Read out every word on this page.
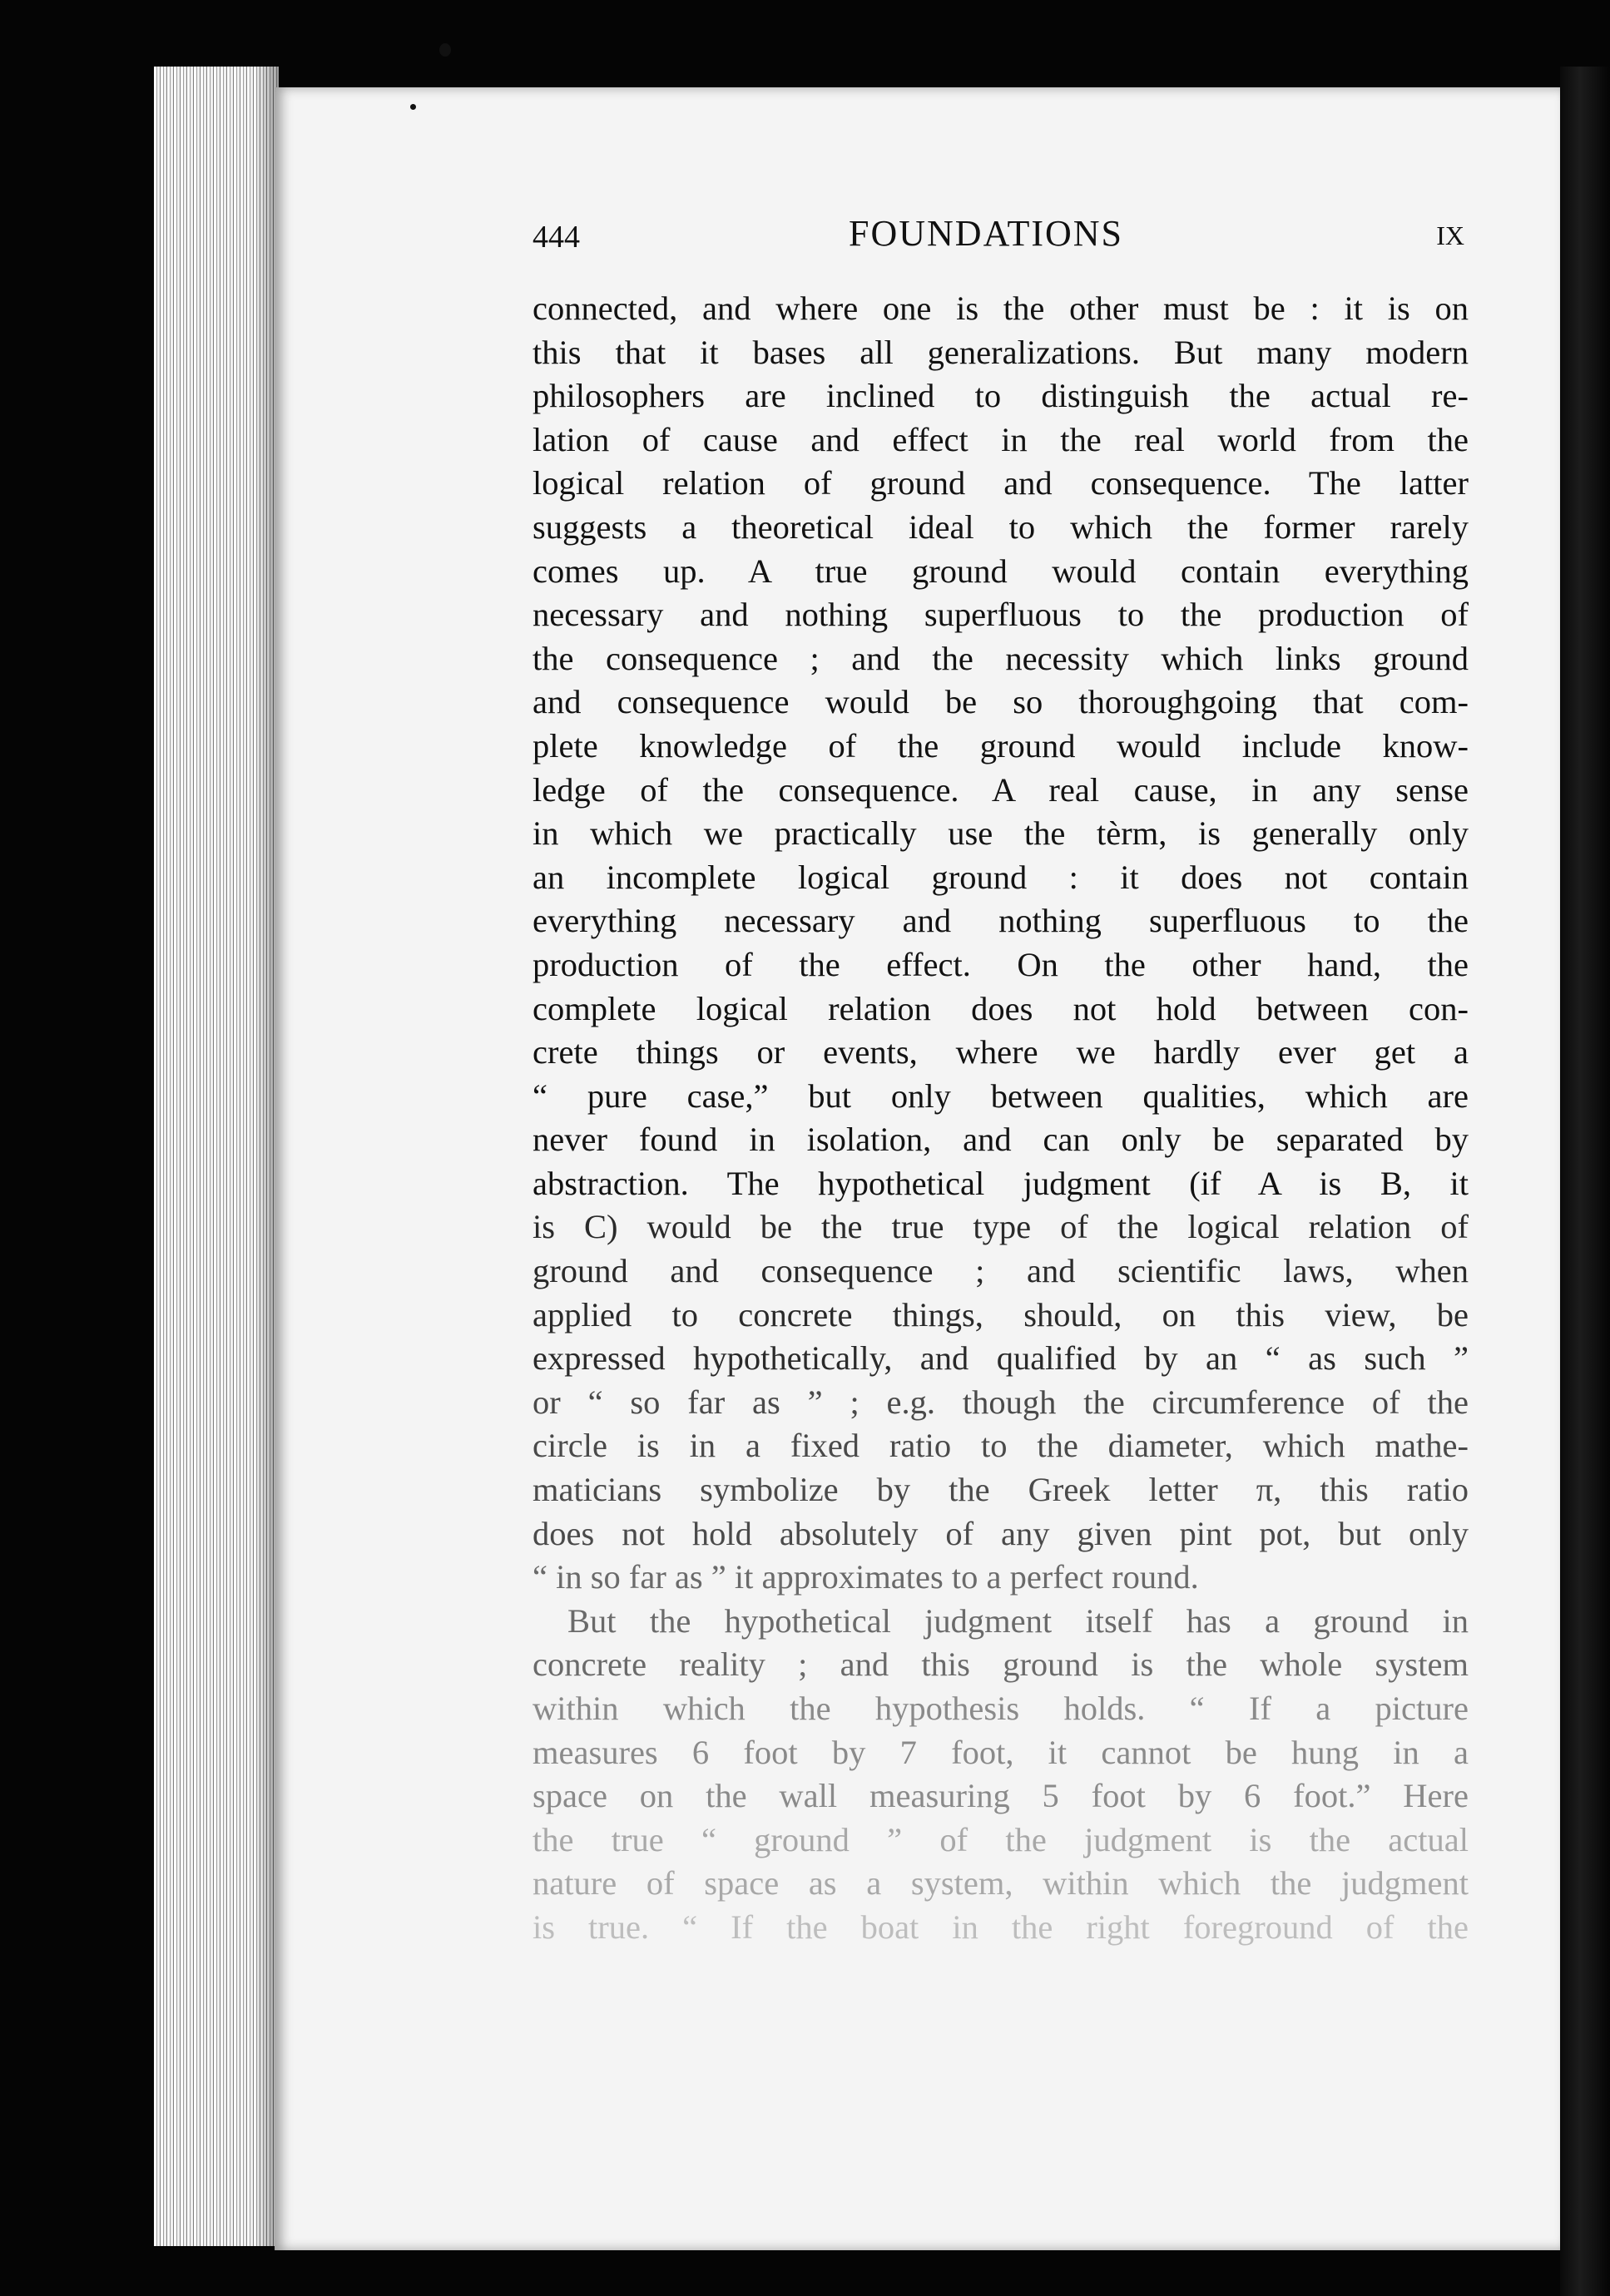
444	FOUNDATIONS	IX
connected, and where one is the other must be : it is on
this that it bases all generalizations. But many modern
philosophers are inclined to distinguish the actual re-
lation of cause and effect in the real world from the
logical relation of ground and consequence. The latter
suggests a theoretical ideal to which the former rarely
comes up. A true ground would contain everything
necessary and nothing superfluous to the production of
the consequence ; and the necessity which links ground
and consequence would be so thoroughgoing that com-
plete knowledge of the ground would include know-
ledge of the consequence. A real cause, in any sense
in which we practically use the tèrm, is generally only
an incomplete logical ground : it does not contain
everything necessary and nothing superfluous to the
production of the effect. On the other hand, the
complete logical relation does not hold between con-
crete things or events, where we hardly ever get a
“ pure case,” but only between qualities, which are
never found in isolation, and can only be separated by
abstraction. The hypothetical judgment (if A is B, it
is C) would be the true type of the logical relation of
ground and consequence ; and scientific laws, when
applied to concrete things, should, on this view, be
expressed hypothetically, and qualified by an “ as such ”
or “ so far as ” ; e.g. though the circumference of the
circle is in a fixed ratio to the diameter, which mathe-
maticians symbolize by the Greek letter π, this ratio
does not hold absolutely of any given pint pot, but only
“ in so far as ” it approximates to a perfect round.
But the hypothetical judgment itself has a ground in
concrete reality ; and this ground is the whole system
within which the hypothesis holds. “ If a picture
measures 6 foot by 7 foot, it cannot be hung in a
space on the wall measuring 5 foot by 6 foot.” Here
the true “ ground ” of the judgment is the actual
nature of space as a system, within which the judgment
is true. “ If the boat in the right foreground of the
